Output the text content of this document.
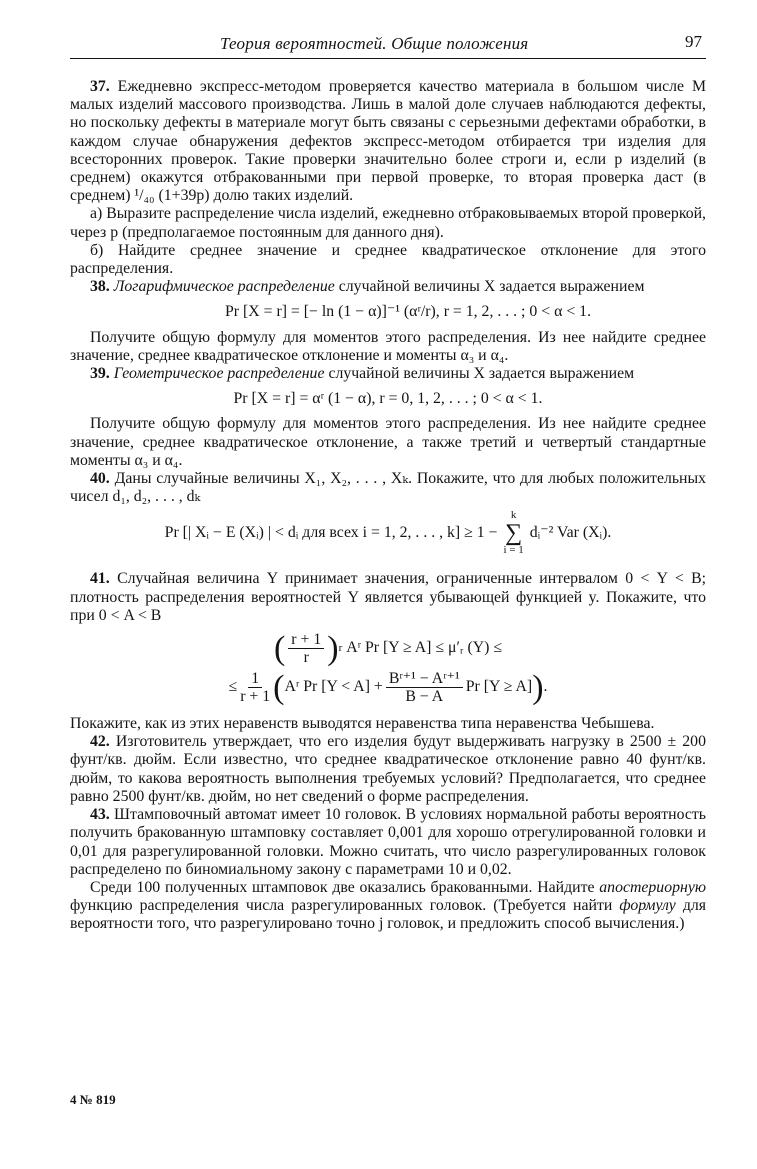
Теория вероятностей. Общие положения	97

37. Ежедневно экспресс-методом проверяется качество материала в большом числе M малых изделий массового производства. Лишь в малой доле случаев наблюдаются дефекты, но поскольку дефекты в материале могут быть связаны с серьезными дефектами обработки, в каждом случае обнаружения дефектов экспресс-методом отбирается три изделия для всесторонних проверок. Такие проверки значительно более строги и, если p изделий (в среднем) окажутся отбракованными при первой проверке, то вторая проверка даст (в среднем) ¹/₄₀ (1+39p) долю таких изделий.

а) Выразите распределение числа изделий, ежедневно отбраковываемых второй проверкой, через p (предполагаемое постоянным для данного дня).

б) Найдите среднее значение и среднее квадратическое отклонение для этого распределения.

38. Логарифмическое распределение случайной величины X задается выражением

Pr [X = r] = [− ln (1 − α)]⁻¹ (αʳ/r), r = 1, 2, . . . ; 0 < α < 1.

Получите общую формулу для моментов этого распределения. Из нее найдите среднее значение, среднее квадратическое отклонение и моменты α₃ и α₄.

39. Геометрическое распределение случайной величины X задается выражением

Pr [X = r] = αʳ (1 − α), r = 0, 1, 2, . . . ; 0 < α < 1.

Получите общую формулу для моментов этого распределения. Из нее найдите среднее значение, среднее квадратическое отклонение, а также третий и четвертый стандартные моменты α₃ и α₄.

40. Даны случайные величины X₁, X₂, . . . , Xₖ. Покажите, что для любых положительных чисел d₁, d₂, . . . , dₖ

Pr [| Xᵢ − E (Xᵢ) | < dᵢ для всех i = 1, 2, . . . , k] ≥ 1 −
k
∑
i = 1
dᵢ⁻² Var (Xᵢ).

41. Случайная величина Y принимает значения, ограниченные интервалом 0 < Y < B; плотность распределения вероятностей Y является убывающей функцией y. Покажите, что при 0 < A < B

( $\frac{r + 1}{r}$ ) r
Aʳ Pr [Y ≥ A] ≤ μ′ᵣ (Y) ≤
≤ $\frac{1}{r + 1}$ ( Aʳ Pr $[Y < A] + \frac{\text{Bʳ⁺¹ − Aʳ⁺¹}}{B - A}$ Pr [Y ≥ A] ) .

Покажите, как из этих неравенств выводятся неравенства типа неравенства Чебышева.

42. Изготовитель утверждает, что его изделия будут выдерживать нагрузку в 2500 ± 200 фунт/кв. дюйм. Если известно, что среднее квадратическое отклонение равно 40 фунт/кв. дюйм, то какова вероятность выполнения требуемых условий? Предполагается, что среднее равно 2500 фунт/кв. дюйм, но нет сведений о форме распределения.

43. Штамповочный автомат имеет 10 головок. В условиях нормальной работы вероятность получить бракованную штамповку составляет 0,001 для хорошо отрегулированной головки и 0,01 для разрегулированной головки. Можно считать, что число разрегулированных головок распределено по биномиальному закону с параметрами 10 и 0,02.

Среди 100 полученных штамповок две оказались бракованными. Найдите апостериорную функцию распределения числа разрегулированных головок. (Требуется найти формулу для вероятности того, что разрегулировано точно j головок, и предложить способ вычисления.)

4 № 819
